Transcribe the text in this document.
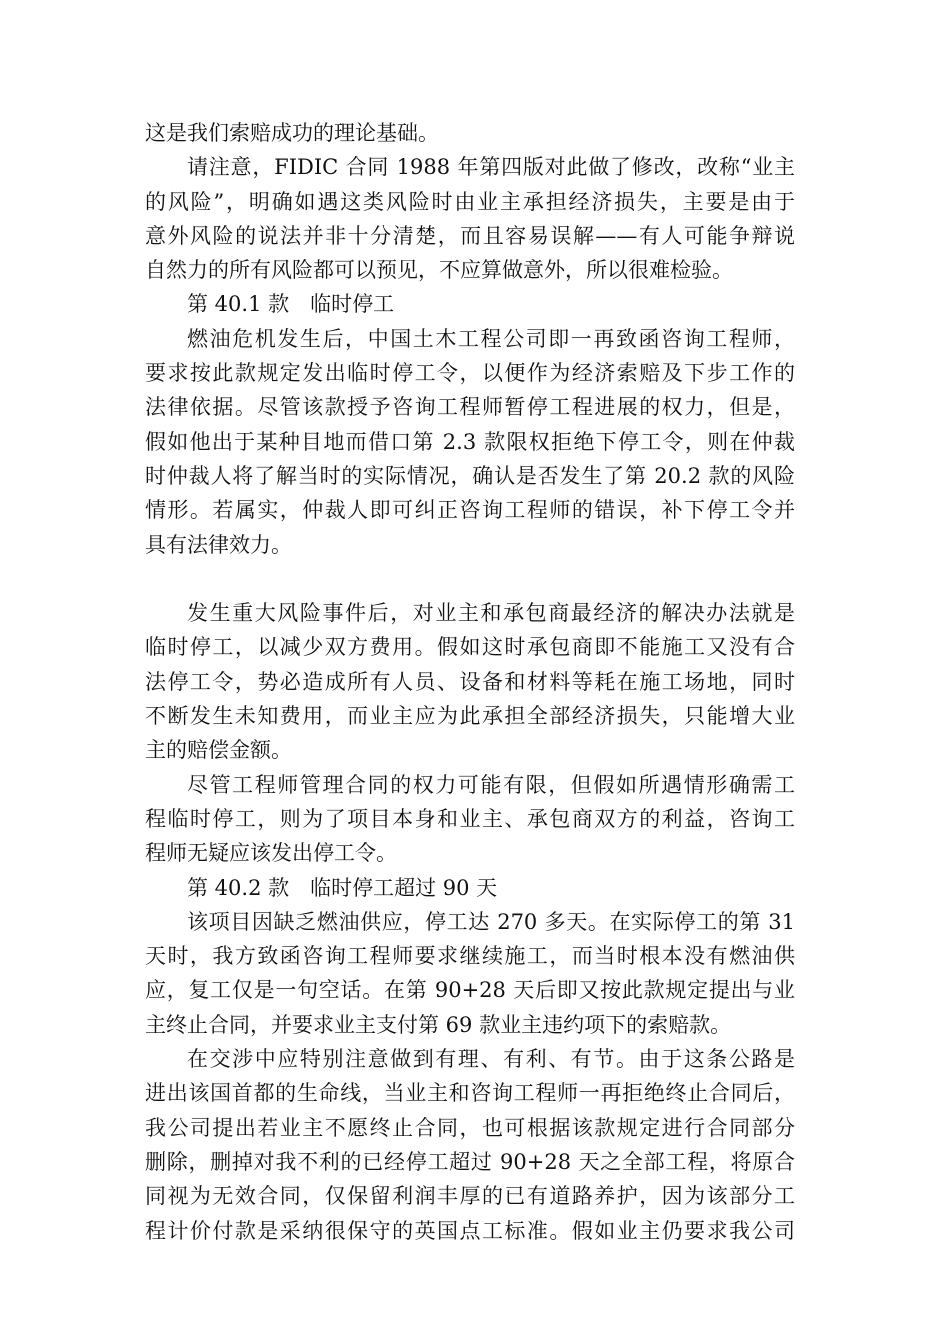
这是我们索赔成功的理论基础。
请注意，FIDIC 合同 1988 年第四版对此做了修改，改称“业主
的风险”，明确如遇这类风险时由业主承担经济损失，主要是由于
意外风险的说法并非十分清楚，而且容易误解——有人可能争辩说
自然力的所有风险都可以预见，不应算做意外，所以很难检验。
第 40.1 款　临时停工
燃油危机发生后，中国土木工程公司即一再致函咨询工程师，
要求按此款规定发出临时停工令，以便作为经济索赔及下步工作的
法律依据。尽管该款授予咨询工程师暂停工程进展的权力，但是，
假如他出于某种目地而借口第 2.3 款限权拒绝下停工令，则在仲裁
时仲裁人将了解当时的实际情况，确认是否发生了第 20.2 款的风险
情形。若属实，仲裁人即可纠正咨询工程师的错误，补下停工令并
具有法律效力。
发生重大风险事件后，对业主和承包商最经济的解决办法就是
临时停工，以减少双方费用。假如这时承包商即不能施工又没有合
法停工令，势必造成所有人员、设备和材料等耗在施工场地，同时
不断发生未知费用，而业主应为此承担全部经济损失，只能增大业
主的赔偿金额。
尽管工程师管理合同的权力可能有限，但假如所遇情形确需工
程临时停工，则为了项目本身和业主、承包商双方的利益，咨询工
程师无疑应该发出停工令。
第 40.2 款　临时停工超过 90 天
该项目因缺乏燃油供应，停工达 270 多天。在实际停工的第 31
天时，我方致函咨询工程师要求继续施工，而当时根本没有燃油供
应，复工仅是一句空话。在第 90+28 天后即又按此款规定提出与业
主终止合同，并要求业主支付第 69 款业主违约项下的索赔款。
在交涉中应特别注意做到有理、有利、有节。由于这条公路是
进出该国首都的生命线，当业主和咨询工程师一再拒绝终止合同后，
我公司提出若业主不愿终止合同，也可根据该款规定进行合同部分
删除，删掉对我不利的已经停工超过 90+28 天之全部工程，将原合
同视为无效合同，仅保留利润丰厚的已有道路养护，因为该部分工
程计价付款是采纳很保守的英国点工标准。假如业主仍要求我公司
